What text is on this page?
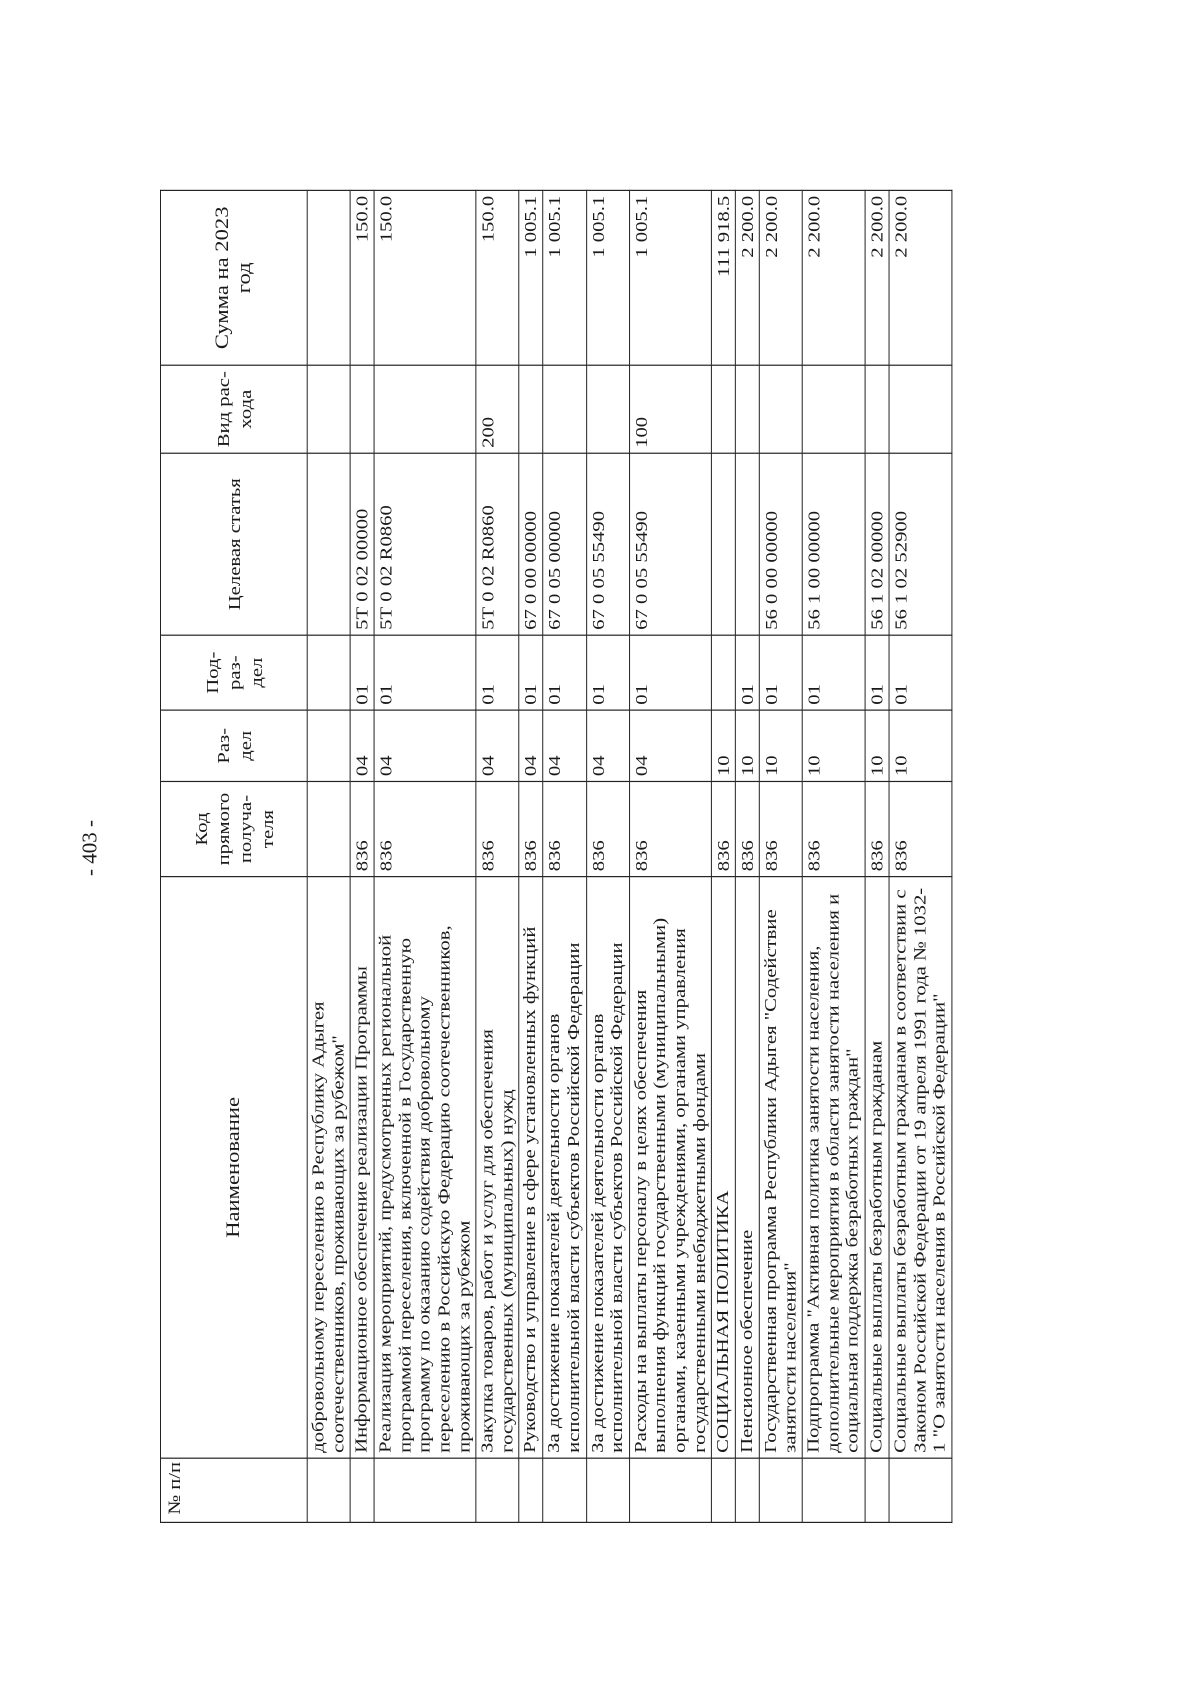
- 403 -
№ п/п	Наименование	Код прямого получа- теля	Раз- дел	Под- раз- дел	Целевая статья	Вид рас- хода	Сумма на 2023 год
	добровольному переселению в Республику Адыгея соотечественников, проживающих за рубежом"						
	Информационное обеспечение реализации Программы	836	04	01	5Т 0 02 00000		150.0
	Реализация мероприятий, предусмотренных региональной программой переселения, включенной в Государственную программу по оказанию содействия добровольному переселению в Российскую Федерацию соотечественников, проживающих за рубежом	836	04	01	5Т 0 02 R0860		150.0
	Закупка товаров, работ и услуг для обеспечения государственных (муниципальных) нужд	836	04	01	5Т 0 02 R0860	200	150.0
	Руководство и управление в сфере установленных функций	836	04	01	67 0 00 00000		1 005.1
	За достижение показателей деятельности органов исполнительной власти субъектов Российской Федерации	836	04	01	67 0 05 00000		1 005.1
	За достижение показателей деятельности органов исполнительной власти субъектов Российской Федерации	836	04	01	67 0 05 55490		1 005.1
	Расходы на выплаты персоналу в целях обеспечения выполнения функций государственными (муниципальными) органами, казенными учреждениями, органами управления государственными внебюджетными фондами	836	04	01	67 0 05 55490	100	1 005.1
	СОЦИАЛЬНАЯ ПОЛИТИКА	836	10				111 918.5
	Пенсионное обеспечение	836	10	01			2 200.0
	Государственная программа Республики Адыгея "Содействие занятости населения"	836	10	01	56 0 00 00000		2 200.0
	Подпрограмма "Активная политика занятости населения, дополнительные мероприятия в области занятости населения и социальная поддержка безработных граждан"	836	10	01	56 1 00 00000		2 200.0
	Социальные выплаты безработным гражданам	836	10	01	56 1 02 00000		2 200.0
	Социальные выплаты безработным гражданам в соответствии с Законом Российской Федерации от 19 апреля 1991 года № 1032-1 "О занятости населения в Российской Федерации"	836	10	01	56 1 02 52900		2 200.0
